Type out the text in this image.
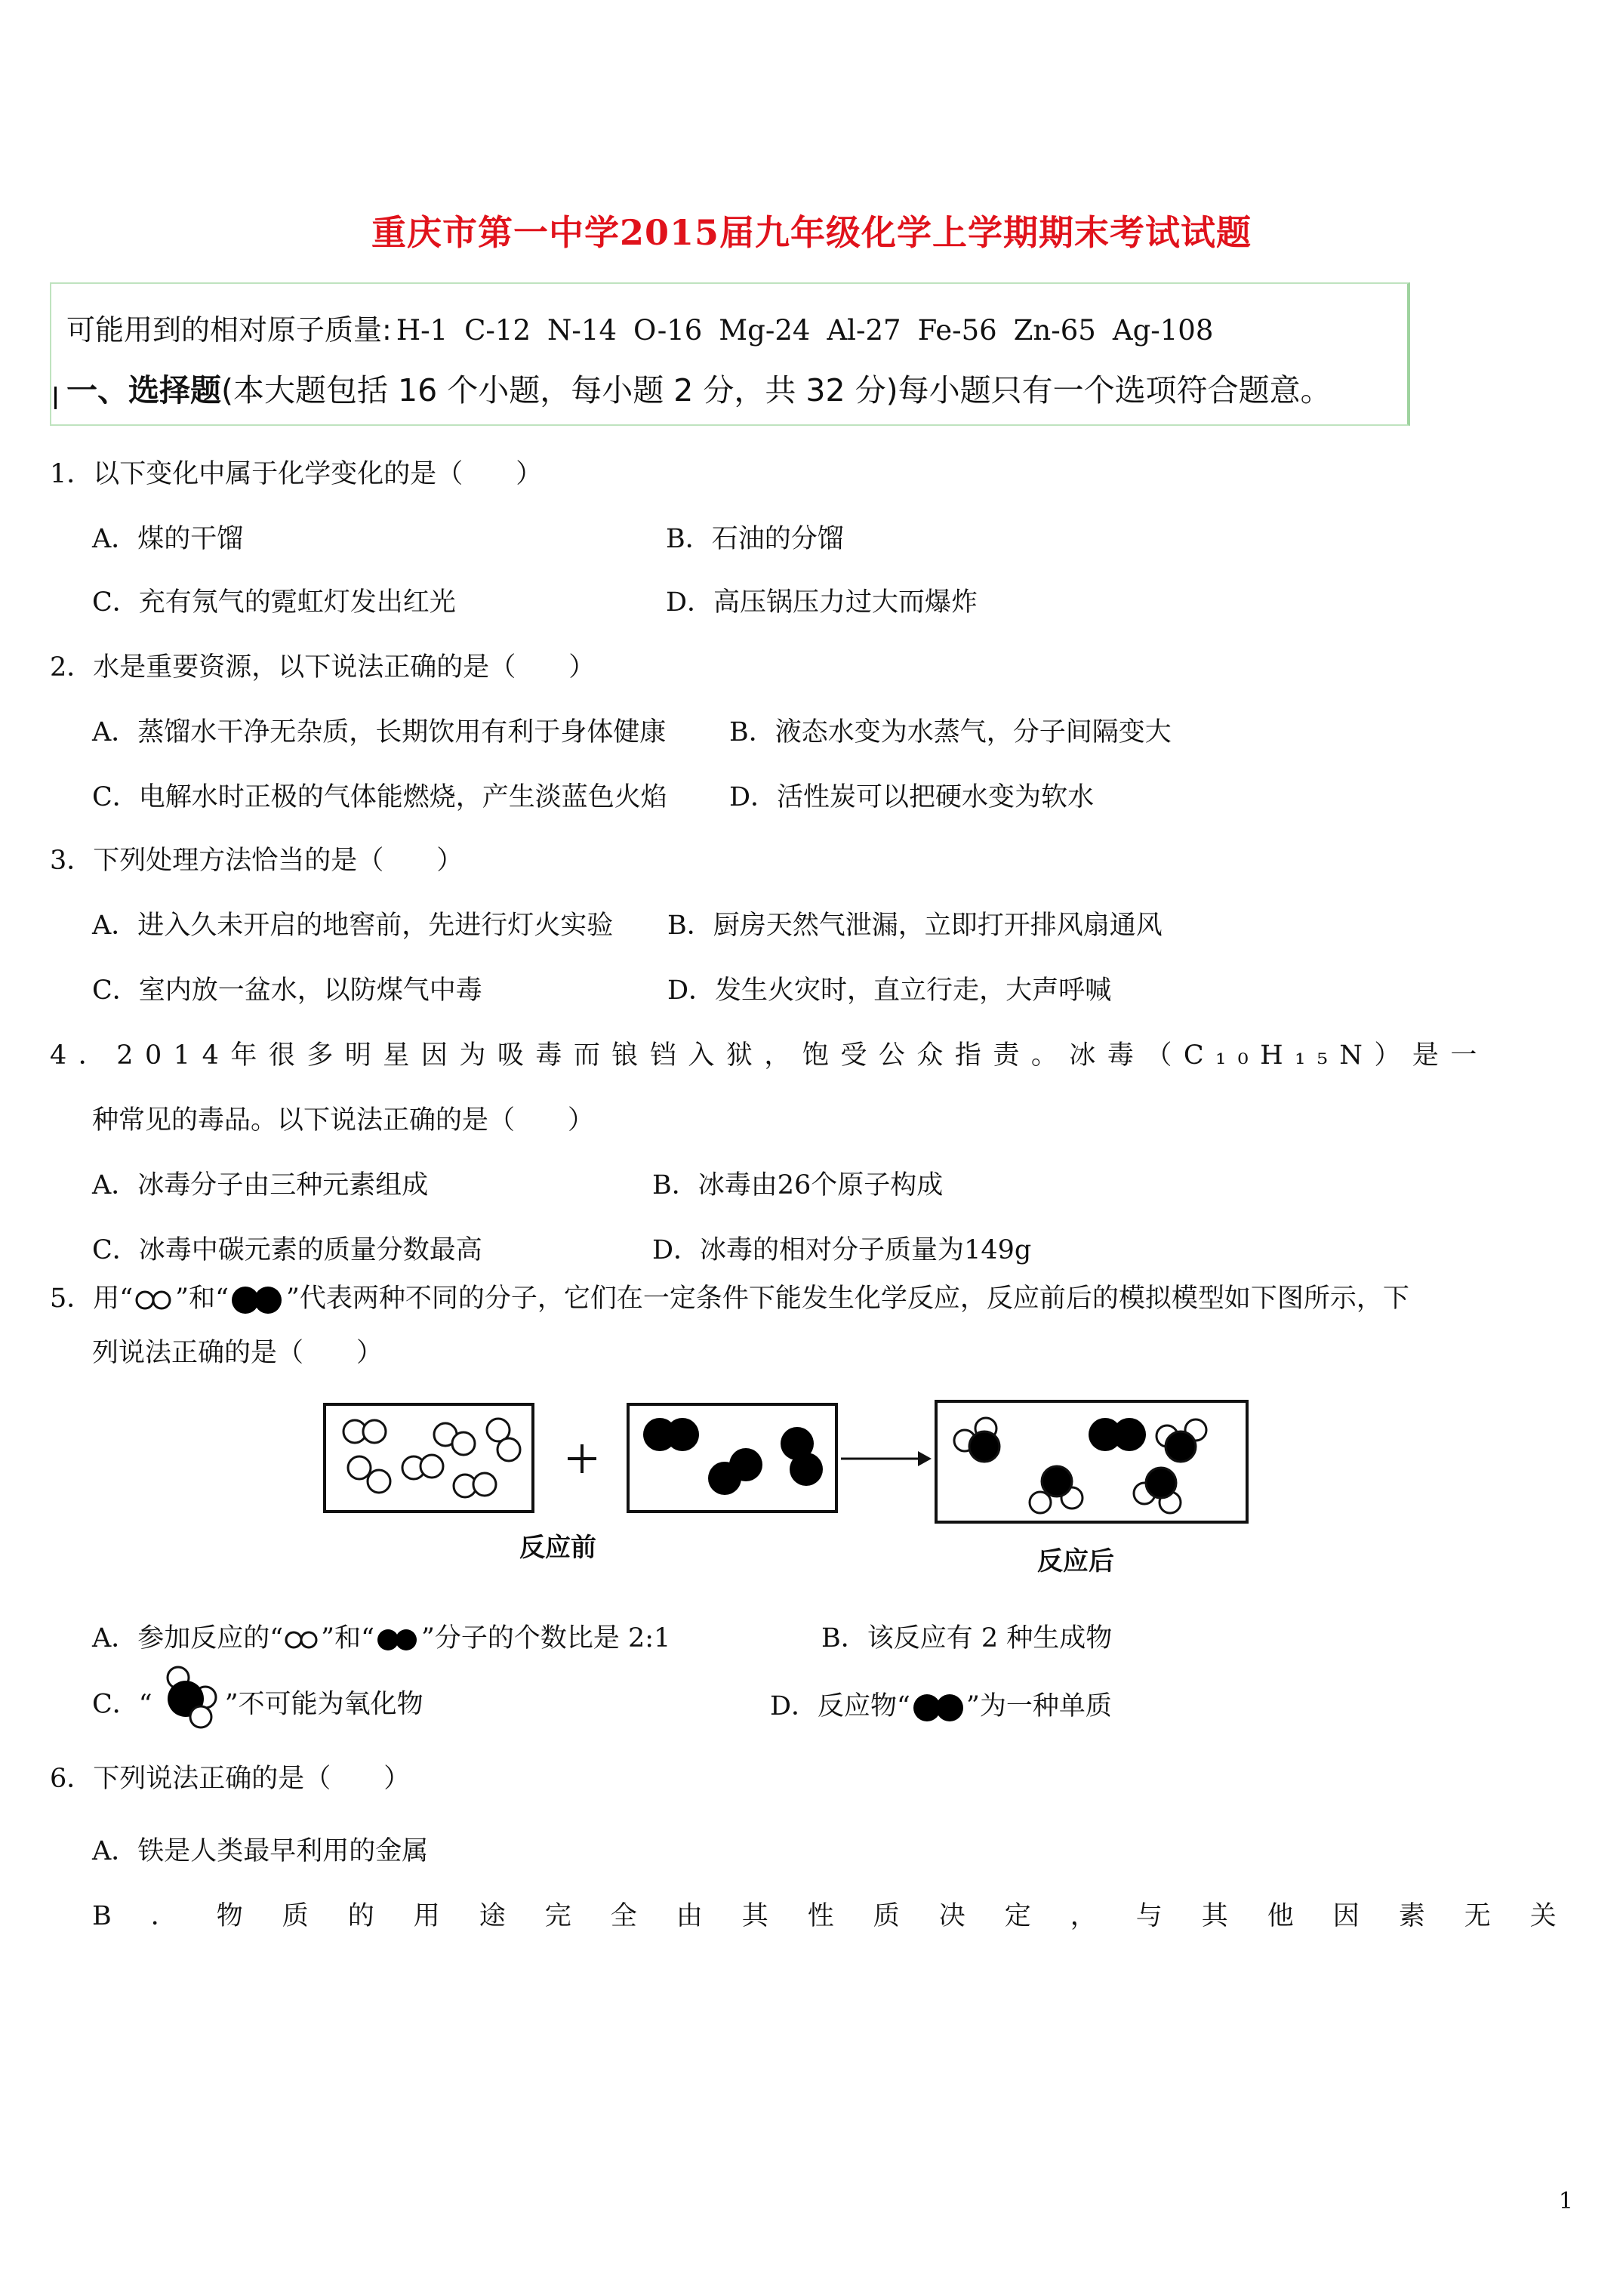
重庆市第一中学2015届九年级化学上学期期末考试试题
可能用到的相对原子质量: H-1 C-12 N-14 O-16 Mg-24 Al-27 Fe-56 Zn-65 Ag-108
一、选择题(本大题包括 16 个小题，每小题 2 分，共 32 分)每小题只有一个选项符合题意。
1．以下变化中属于化学变化的是（　　）
A．煤的干馏	B．石油的分馏
C．充有氖气的霓虹灯发出红光	D．高压锅压力过大而爆炸
2．水是重要资源，以下说法正确的是（　　）
A．蒸馏水干净无杂质，长期饮用有利于身体健康 B．液态水变为水蒸气，分子间隔变大
C．电解水时正极的气体能燃烧，产生淡蓝色火焰 D．活性炭可以把硬水变为软水
3．下列处理方法恰当的是（　　）
A．进入久未开启的地窖前，先进行灯火实验 B．厨房天然气泄漏，立即打开排风扇通风
C．室内放一盆水，以防煤气中毒	D．发生火灾时，直立行走，大声呼喊
4．2014年很多明星因为吸毒而锒铛入狱，饱受公众指责。冰毒（C₁₀H₁₅N）是一
种常见的毒品。以下说法正确的是（　　）
A．冰毒分子由三种元素组成	B．冰毒由26个原子构成
C．冰毒中碳元素的质量分数最高	D．冰毒的相对分子质量为149g
5．用“ ”和“ ”代表两种不同的分子，它们在一定条件下能发生化学反应，反应前后的模拟模型如下图所示，下
列说法正确的是（　　）
反应前	反应后
A．参加反应的“ ”和“ ”分子的个数比是 2:1	B．该反应有 2 种生成物
C．“	”不可能为氧化物	D．反应物“ ”为一种单质
6．下列说法正确的是（　　）
A．铁是人类最早利用的金属
B．物质的用途完全由其性质决定，与其他因素无关
1
